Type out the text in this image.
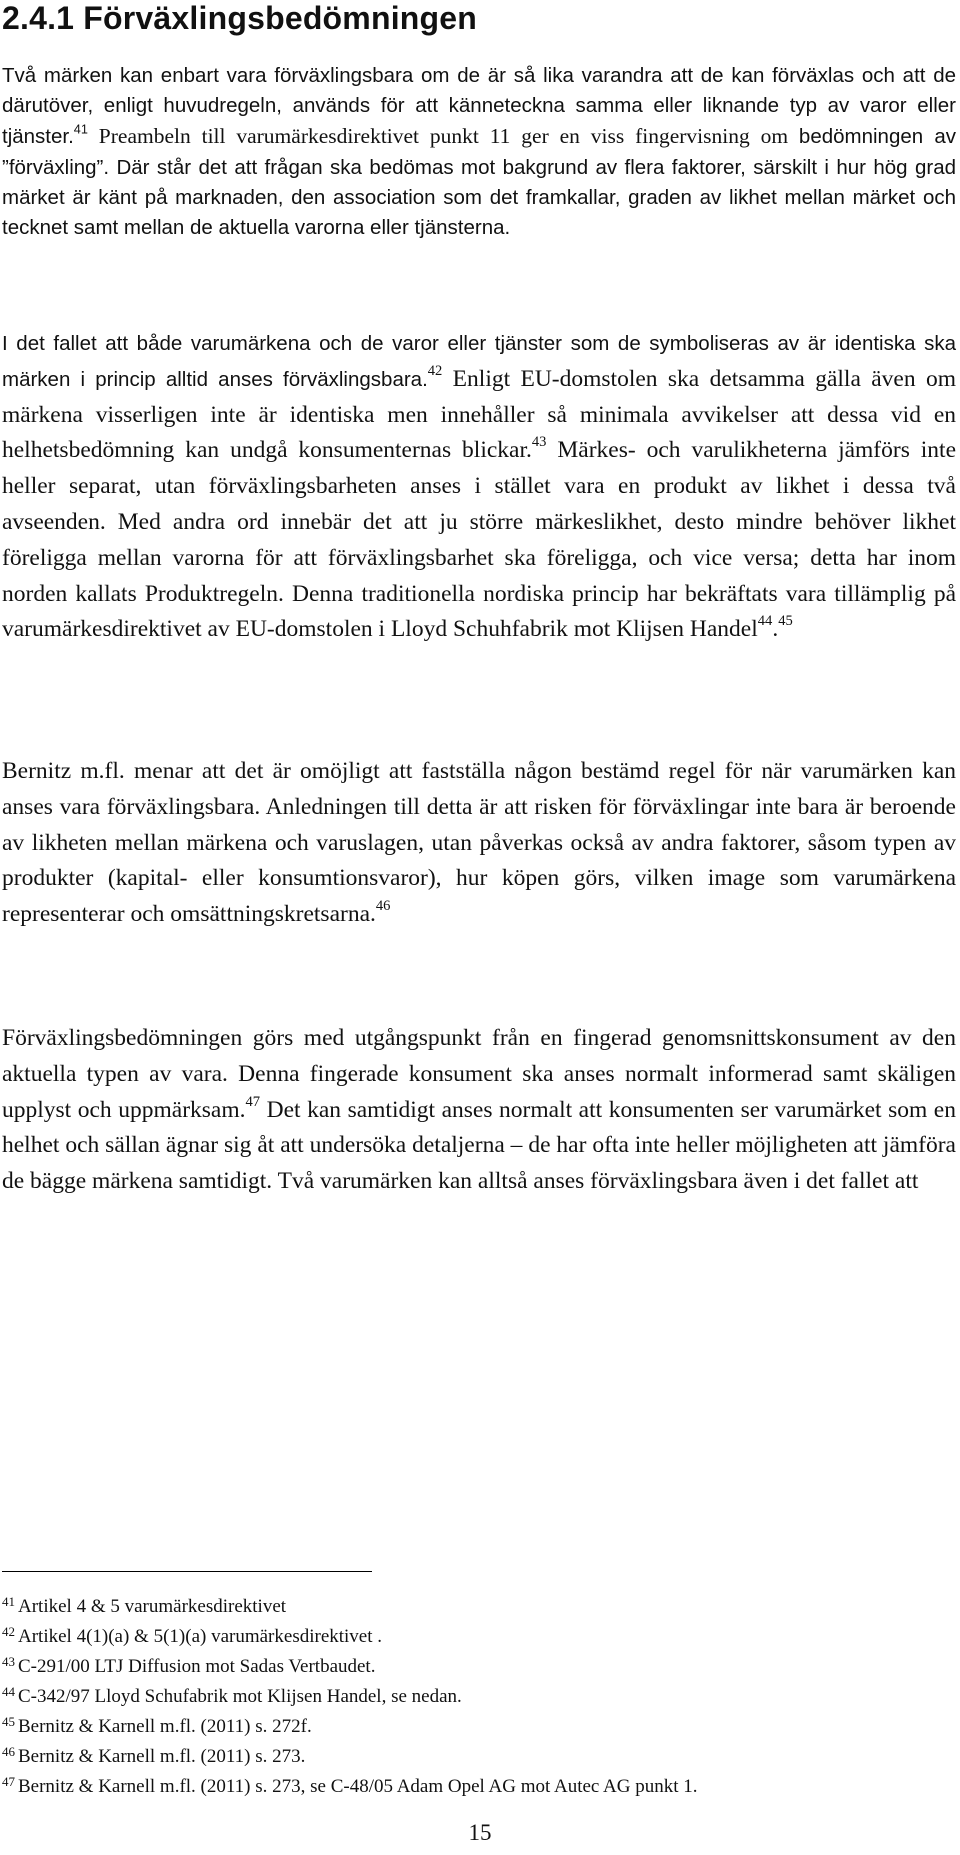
2.4.1 Förväxlingsbedömningen

Två märken kan enbart vara förväxlingsbara om de är så lika varandra att de kan förväxlas och att de därutöver, enligt huvudregeln, används för att känneteckna samma eller liknande typ av varor eller tjänster.$^{41}$ Preambeln till varumärkesdirektivet punkt 11 ger en viss fingervisning om bedömningen av ”förväxling”. Där står det att frågan ska bedömas mot bakgrund av flera faktorer, särskilt i hur hög grad märket är känt på marknaden, den association som det framkallar, graden av likhet mellan märket och tecknet samt mellan de aktuella varorna eller tjänsterna.

I det fallet att både varumärkena och de varor eller tjänster som de symboliseras av är identiska ska märken i princip alltid anses förväxlingsbara.$^{42}$ Enligt EU-domstolen ska detsamma gälla även om märkena visserligen inte är identiska men innehåller så minimala avvikelser att dessa vid en helhetsbedömning kan undgå konsumenternas blickar.$^{43}$ Märkes- och varulikheterna jämförs inte heller separat, utan förväxlingsbarheten anses i stället vara en produkt av likhet i dessa två avseenden. Med andra ord innebär det att ju större märkeslikhet, desto mindre behöver likhet föreligga mellan varorna för att förväxlingsbarhet ska föreligga, och vice versa; detta har inom norden kallats Produktregeln. Denna traditionella nordiska princip har bekräftats vara tillämplig på varumärkesdirektivet av EU-domstolen i Lloyd Schuhfabrik mot Klijsen Handel$^{44}$.$^{45}$

Bernitz m.fl. menar att det är omöjligt att fastställa någon bestämd regel för när varumärken kan anses vara förväxlingsbara. Anledningen till detta är att risken för förväxlingar inte bara är beroende av likheten mellan märkena och varuslagen, utan påverkas också av andra faktorer, såsom typen av produkter (kapital- eller konsumtionsvaror), hur köpen görs, vilken image som varumärkena representerar och omsättningskretsarna.$^{46}$

Förväxlingsbedömningen görs med utgångspunkt från en fingerad genomsnittskonsument av den aktuella typen av vara. Denna fingerade konsument ska anses normalt informerad samt skäligen upplyst och uppmärksam.$^{47}$ Det kan samtidigt anses normalt att konsumenten ser varumärket som en helhet och sällan ägnar sig åt att undersöka detaljerna – de har ofta inte heller möjligheten att jämföra de bägge märkena samtidigt. Två varumärken kan alltså anses förväxlingsbara även i det fallet att

$^{41}$ Artikel 4 & 5 varumärkesdirektivet
$^{42}$ Artikel 4(1)(a) & 5(1)(a) varumärkesdirektivet .
$^{43}$ C-291/00 LTJ Diffusion mot Sadas Vertbaudet.
$^{44}$ C-342/97 Lloyd Schufabrik mot Klijsen Handel, se nedan.
$^{45}$ Bernitz & Karnell m.fl. (2011) s. 272f.
$^{46}$ Bernitz & Karnell m.fl. (2011) s. 273.
$^{47}$ Bernitz & Karnell m.fl. (2011) s. 273, se C‑48/05 Adam Opel AG mot Autec AG punkt 1.
15
